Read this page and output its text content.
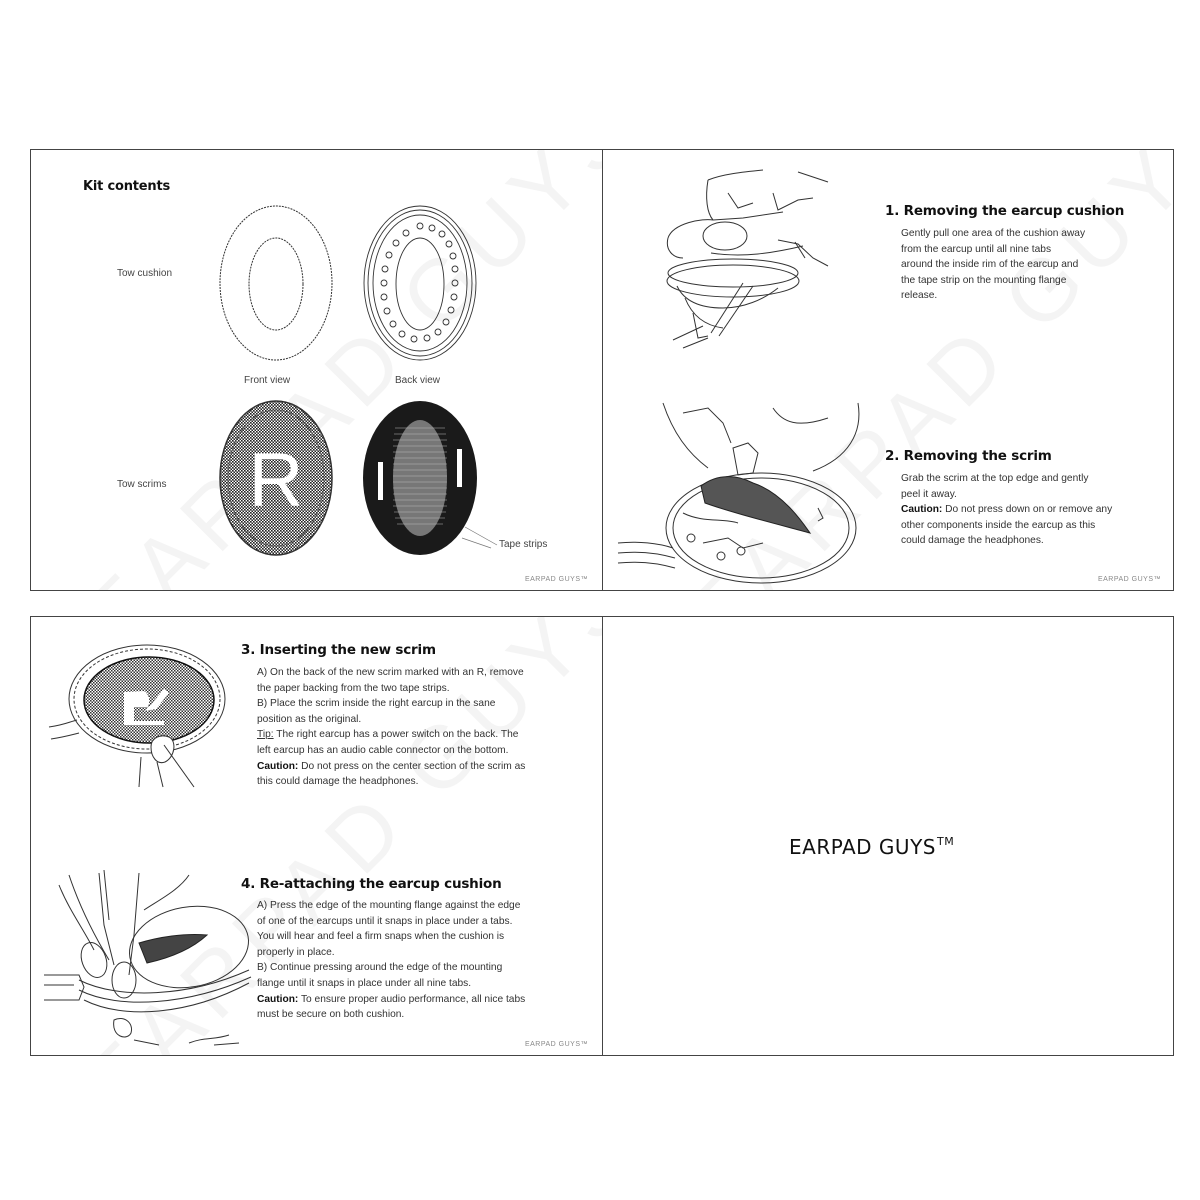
Kit contents
Tow cushion
Front view	Back view
Tow scrims
Tape strips
R
EARPAD GUYS™
1. Removing the earcup cushion

Gently pull one area of the cushion away

from the earcup until all nine tabs

around the inside rim of the earcup and

the tape strip on the mounting flange

release.

2. Removing the scrim

Grab the scrim at the top edge and gently

peel it away.

Caution: Do not press down on or remove any

other components inside the earcup as this

could damage the headphones.

EARPAD GUYS™
3. Inserting the new scrim

A) On the back of the new scrim marked with an R, remove

the paper backing from the two tape strips.

B) Place the scrim inside the right earcup in the sane

position as the original.

Tip: The right earcup has a power switch on the back. The

left earcup has an audio cable connector on the bottom.

Caution: Do not press on the center section of the scrim as

this could damage the headphones.

4. Re-attaching the earcup cushion

A) Press the edge of the mounting flange against the edge

of one of the earcups until it snaps in place under a tabs.

You will hear and feel a firm snaps when the cushion is

properly in place.

B) Continue pressing around the edge of the mounting

flange until it snaps in place under all nine tabs.

Caution: To ensure proper audio performance, all nice tabs

must be secure on both cushion.

EARPAD GUYS™
EARPAD GUYS™
